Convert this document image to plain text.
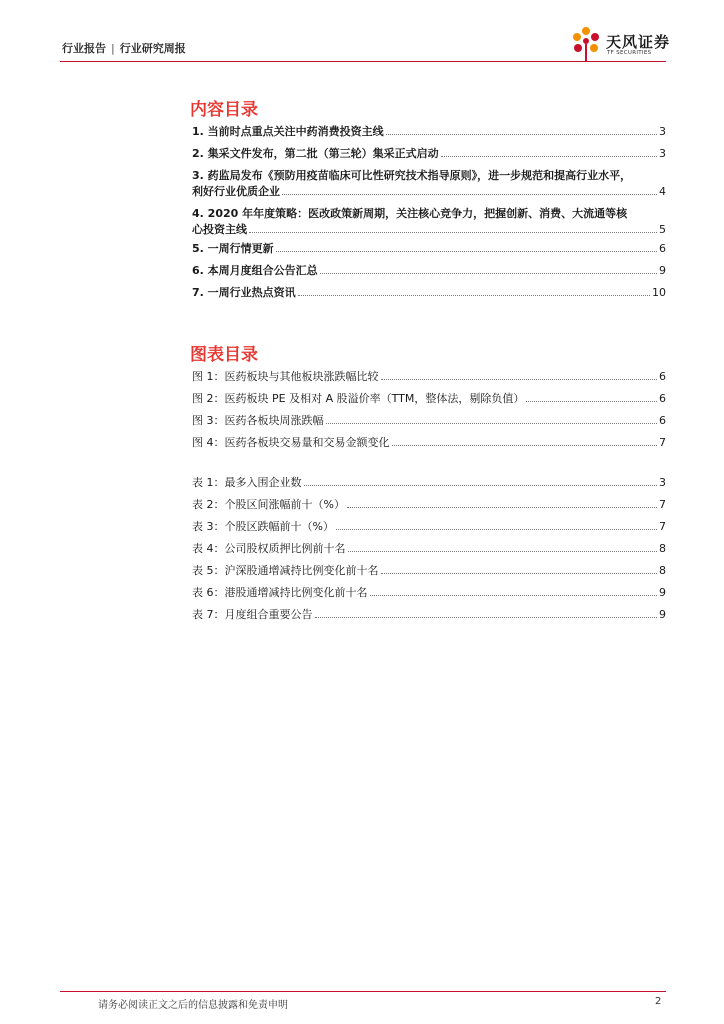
行业报告 | 行业研究周报	天风证券
TF SECURITIES
内容目录
1. 当前时点重点关注中药消费投资主线	3
2. 集采文件发布，第二批（第三轮）集采正式启动	3
3. 药监局发布《预防用疫苗临床可比性研究技术指导原则》，进一步规范和提高行业水平，
利好行业优质企业	4
4. 2020 年年度策略：医改政策新周期，关注核心竞争力，把握创新、消费、大流通等核
心投资主线	5
5. 一周行情更新	6
6. 本周月度组合公告汇总	9
7. 一周行业热点资讯	10
图表目录
图 1：医药板块与其他板块涨跌幅比较	6
图 2：医药板块 PE 及相对 A 股溢价率（TTM，整体法，剔除负值）	6
图 3：医药各板块周涨跌幅	6
图 4：医药各板块交易量和交易金额变化	7
表 1：最多入围企业数	3
表 2：个股区间涨幅前十（%）	7
表 3：个股区跌幅前十（%）	7
表 4：公司股权质押比例前十名	8
表 5：沪深股通增减持比例变化前十名	8
表 6：港股通增减持比例变化前十名	9
表 7：月度组合重要公告	9
请务必阅读正文之后的信息披露和免责申明	2
